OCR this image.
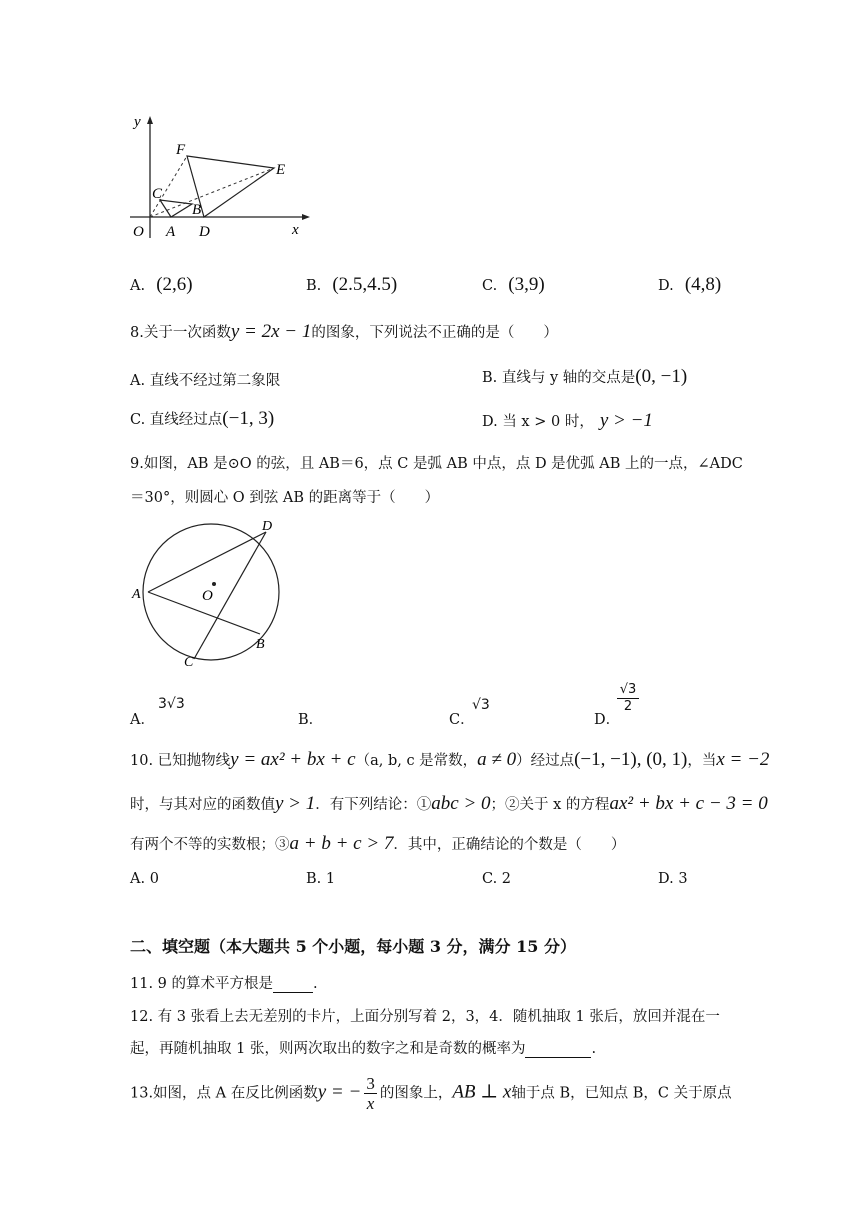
y
x
O A D
B
C
F
E
A. (2,6)	B. (2.5,4.5)	C. (3,9)	D. (4,8)
8.关于一次函数y = 2x − 1的图象，下列说法不正确的是（　　）
A. 直线不经过第二象限	B. 直线与 y 轴的交点是(0, −1)
C. 直线经过点(−1, 3)	D. 当 x > 0 时， y > −1
9.如图，AB 是⊙O 的弦，且 AB＝6，点 C 是弧 AB 中点，点 D 是优弧 AB 上的一点，∠ADC
＝30°，则圆心 O 到弦 AB 的距离等于（　　）
D
A	O
B
C
A．
3√3
B．	C．
√3
D．
$\frac{√3}{2}$
10. 已知抛物线y = ax² + bx + c（a, b, c 是常数，a ≠ 0）经过点(−1, −1), (0, 1)，当x = −2
时，与其对应的函数值y > 1．有下列结论：①abc > 0；②关于 x 的方程ax² + bx + c − 3 = 0
有两个不等的实数根；③a + b + c > 7．其中，正确结论的个数是（　　）
A. 0	B. 1	C. 2	D. 3
二、填空题（本大题共 5 个小题，每小题 3 分，满分 15 分）
11. 9 的算术平方根是	.
12. 有 3 张看上去无差别的卡片，上面分别写着 2，3，4．随机抽取 1 张后，放回并混在一
起，再随机抽取 1 张，则两次取出的数字之和是奇数的概率为	.
13.如图，点 A 在反比例函数y = − $\frac{3}{x}$ 的图象上，AB ⊥ x轴于点 B，已知点 B，C 关于原点
